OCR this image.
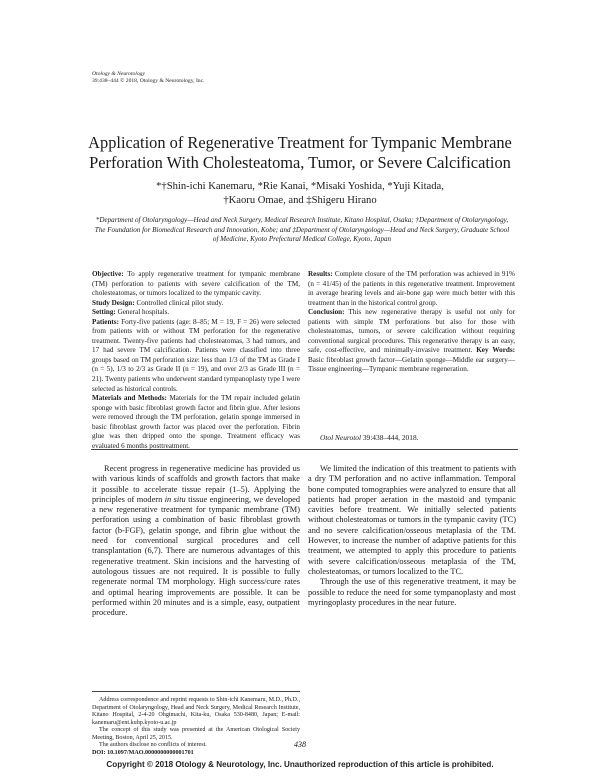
Otology & Neurotology
39:438–444 © 2018, Otology & Neurotology, Inc.
Application of Regenerative Treatment for Tympanic Membrane Perforation With Cholesteatoma, Tumor, or Severe Calcification
*†Shin-ichi Kanemaru, *Rie Kanai, *Misaki Yoshida, *Yuji Kitada,
†Kaoru Omae, and ‡Shigeru Hirano
*Department of Otolaryngology—Head and Neck Surgery, Medical Research Institute, Kitano Hospital, Osaka; †Department of Otolaryngology, The Foundation for Biomedical Research and Innovation, Kobe; and ‡Department of Otolaryngology—Head and Neck Surgery, Graduate School of Medicine, Kyoto Prefectural Medical College, Kyoto, Japan
Objective: To apply regenerative treatment for tympanic membrane (TM) perforation to patients with severe calcification of the TM, cholesteatomas, or tumors localized to the tympanic cavity.
Study Design: Controlled clinical pilot study.
Setting: General hospitals.
Patients: Forty-five patients (age: 8–85; M = 19, F = 26) were selected from patients with or without TM perforation for the regenerative treatment. Twenty-five patients had cholesteatomas, 3 had tumors, and 17 had severe TM calcification. Patients were classified into three groups based on TM perforation size: less than 1/3 of the TM as Grade I (n = 5), 1/3 to 2/3 as Grade II (n = 19), and over 2/3 as Grade III (n = 21). Twenty patients who underwent standard tympanoplasty type I were selected as historical controls.
Materials and Methods: Materials for the TM repair included gelatin sponge with basic fibroblast growth factor and fibrin glue. After lesions were removed through the TM perforation, gelatin sponge immersed in basic fibroblast growth factor was placed over the perforation. Fibrin glue was then dripped onto the sponge. Treatment efficacy was evaluated 6 months posttreatment.
Results: Complete closure of the TM perforation was achieved in 91% (n = 41/45) of the patients in this regenerative treatment. Improvement in average hearing levels and air-bone gap were much better with this treatment than in the historical control group.
Conclusion: This new regenerative therapy is useful not only for patients with simple TM perforations but also for those with cholesteatomas, tumors, or severe calcification without requiring conventional surgical procedures. This regenerative therapy is an easy, safe, cost-effective, and minimally-invasive treatment. Key Words: Basic fibroblast growth factor—Gelatin sponge—Middle ear surgery—Tissue engineering—Tympanic membrane regeneration.
Otol Neurotol 39:438–444, 2018.

Recent progress in regenerative medicine has provided us with various kinds of scaffolds and growth factors that make it possible to accelerate tissue repair (1–5). Applying the principles of modern in situ tissue engineering, we developed a new regenerative treatment for tympanic membrane (TM) perforation using a combination of basic fibroblast growth factor (b-FGF), gelatin sponge, and fibrin glue without the need for conventional surgical procedures and cell transplantation (6,7). There are numerous advantages of this regenerative treatment. Skin incisions and the harvesting of autologous tissues are not required. It is possible to fully regenerate normal TM morphology. High success/cure rates and optimal hearing improvements are possible. It can be performed within 20 minutes and is a simple, easy, outpatient procedure.

Address correspondence and reprint requests to Shin-ichi Kanemaru, M.D., Ph.D., Department of Otolaryngology, Head and Neck Surgery, Medical Research Institute, Kitano Hospital, 2-4-20 Ohgimachi, Kita-ku, Osaka 530-8480, Japan; E-mail: kanemaru@ent.kuhp.kyoto-u.ac.jp

The concept of this study was presented at the American Otological Society Meeting, Boston, April 25, 2015.

The authors disclose no conflicts of interest.

DOI: 10.1097/MAO.0000000000001701

We limited the indication of this treatment to patients with a dry TM perforation and no active inflammation. Temporal bone computed tomographies were analyzed to ensure that all patients had proper aeration in the mastoid and tympanic cavities before treatment. We initially selected patients without cholesteatomas or tumors in the tympanic cavity (TC) and no severe calcification/osseous metaplasia of the TM. However, to increase the number of adaptive patients for this treatment, we attempted to apply this procedure to patients with severe calcification/osseous metaplasia of the TM, cholesteatomas, or tumors localized to the TC.

Through the use of this regenerative treatment, it may be possible to reduce the need for some tympanoplasty and most myringoplasty procedures in the near future.

438
Copyright © 2018 Otology & Neurotology, Inc. Unauthorized reproduction of this article is prohibited.
